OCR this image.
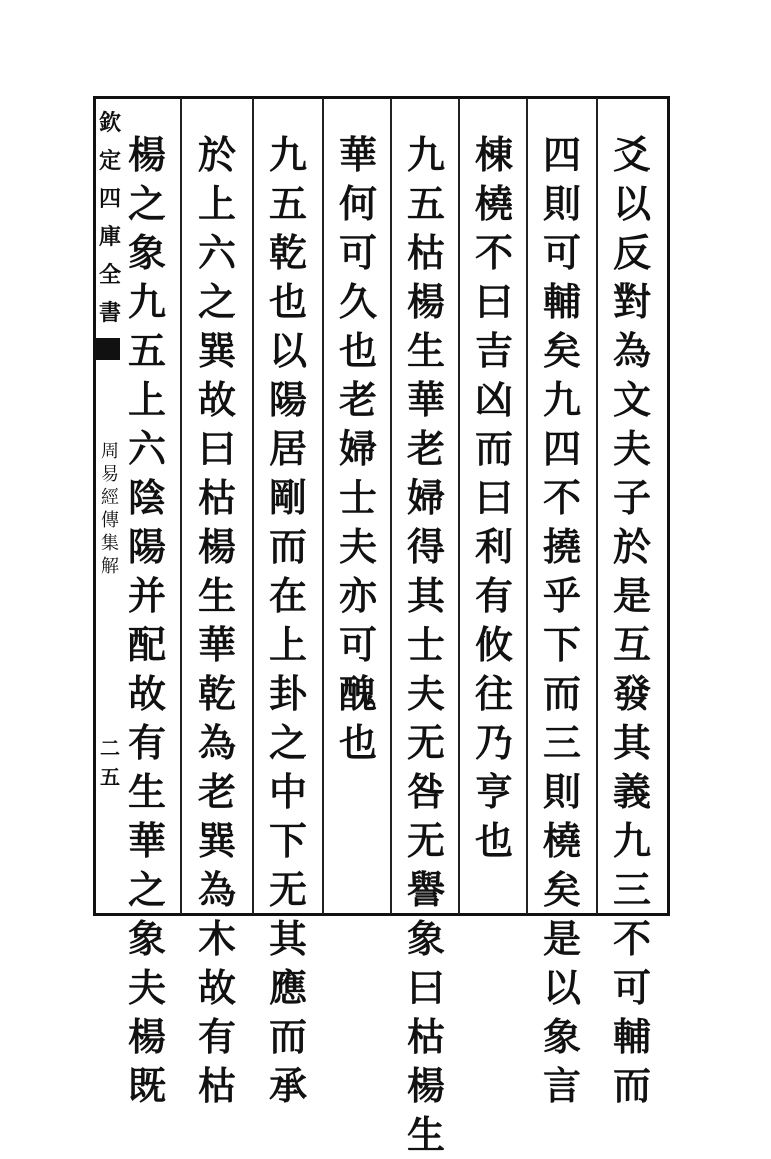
欽
定
四
庫
全
書
周
易
經
傳
集
解
二五
爻
以
反
對
為
文
夫
子
於
是
互
發
其
義
九
三
不
可
輔
而
四
則
可
輔
矣
九
四
不
撓
乎
下
而
三
則
橈
矣
是
以
象
言
棟
橈
不
曰
吉
凶
而
曰
利
有
攸
往
乃
亨
也
九
五
枯
楊
生
華
老
婦
得
其
士
夫
无
咎
无
譽
象
曰
枯
楊
生
華
何
可
久
也
老
婦
士
夫
亦
可
醜
也
九
五
乾
也
以
陽
居
剛
而
在
上
卦
之
中
下
无
其
應
而
承
於
上
六
之
巽
故
曰
枯
楊
生
華
乾
為
老
巽
為
木
故
有
枯
楊
之
象
九
五
上
六
陰
陽
并
配
故
有
生
華
之
象
夫
楊
既
